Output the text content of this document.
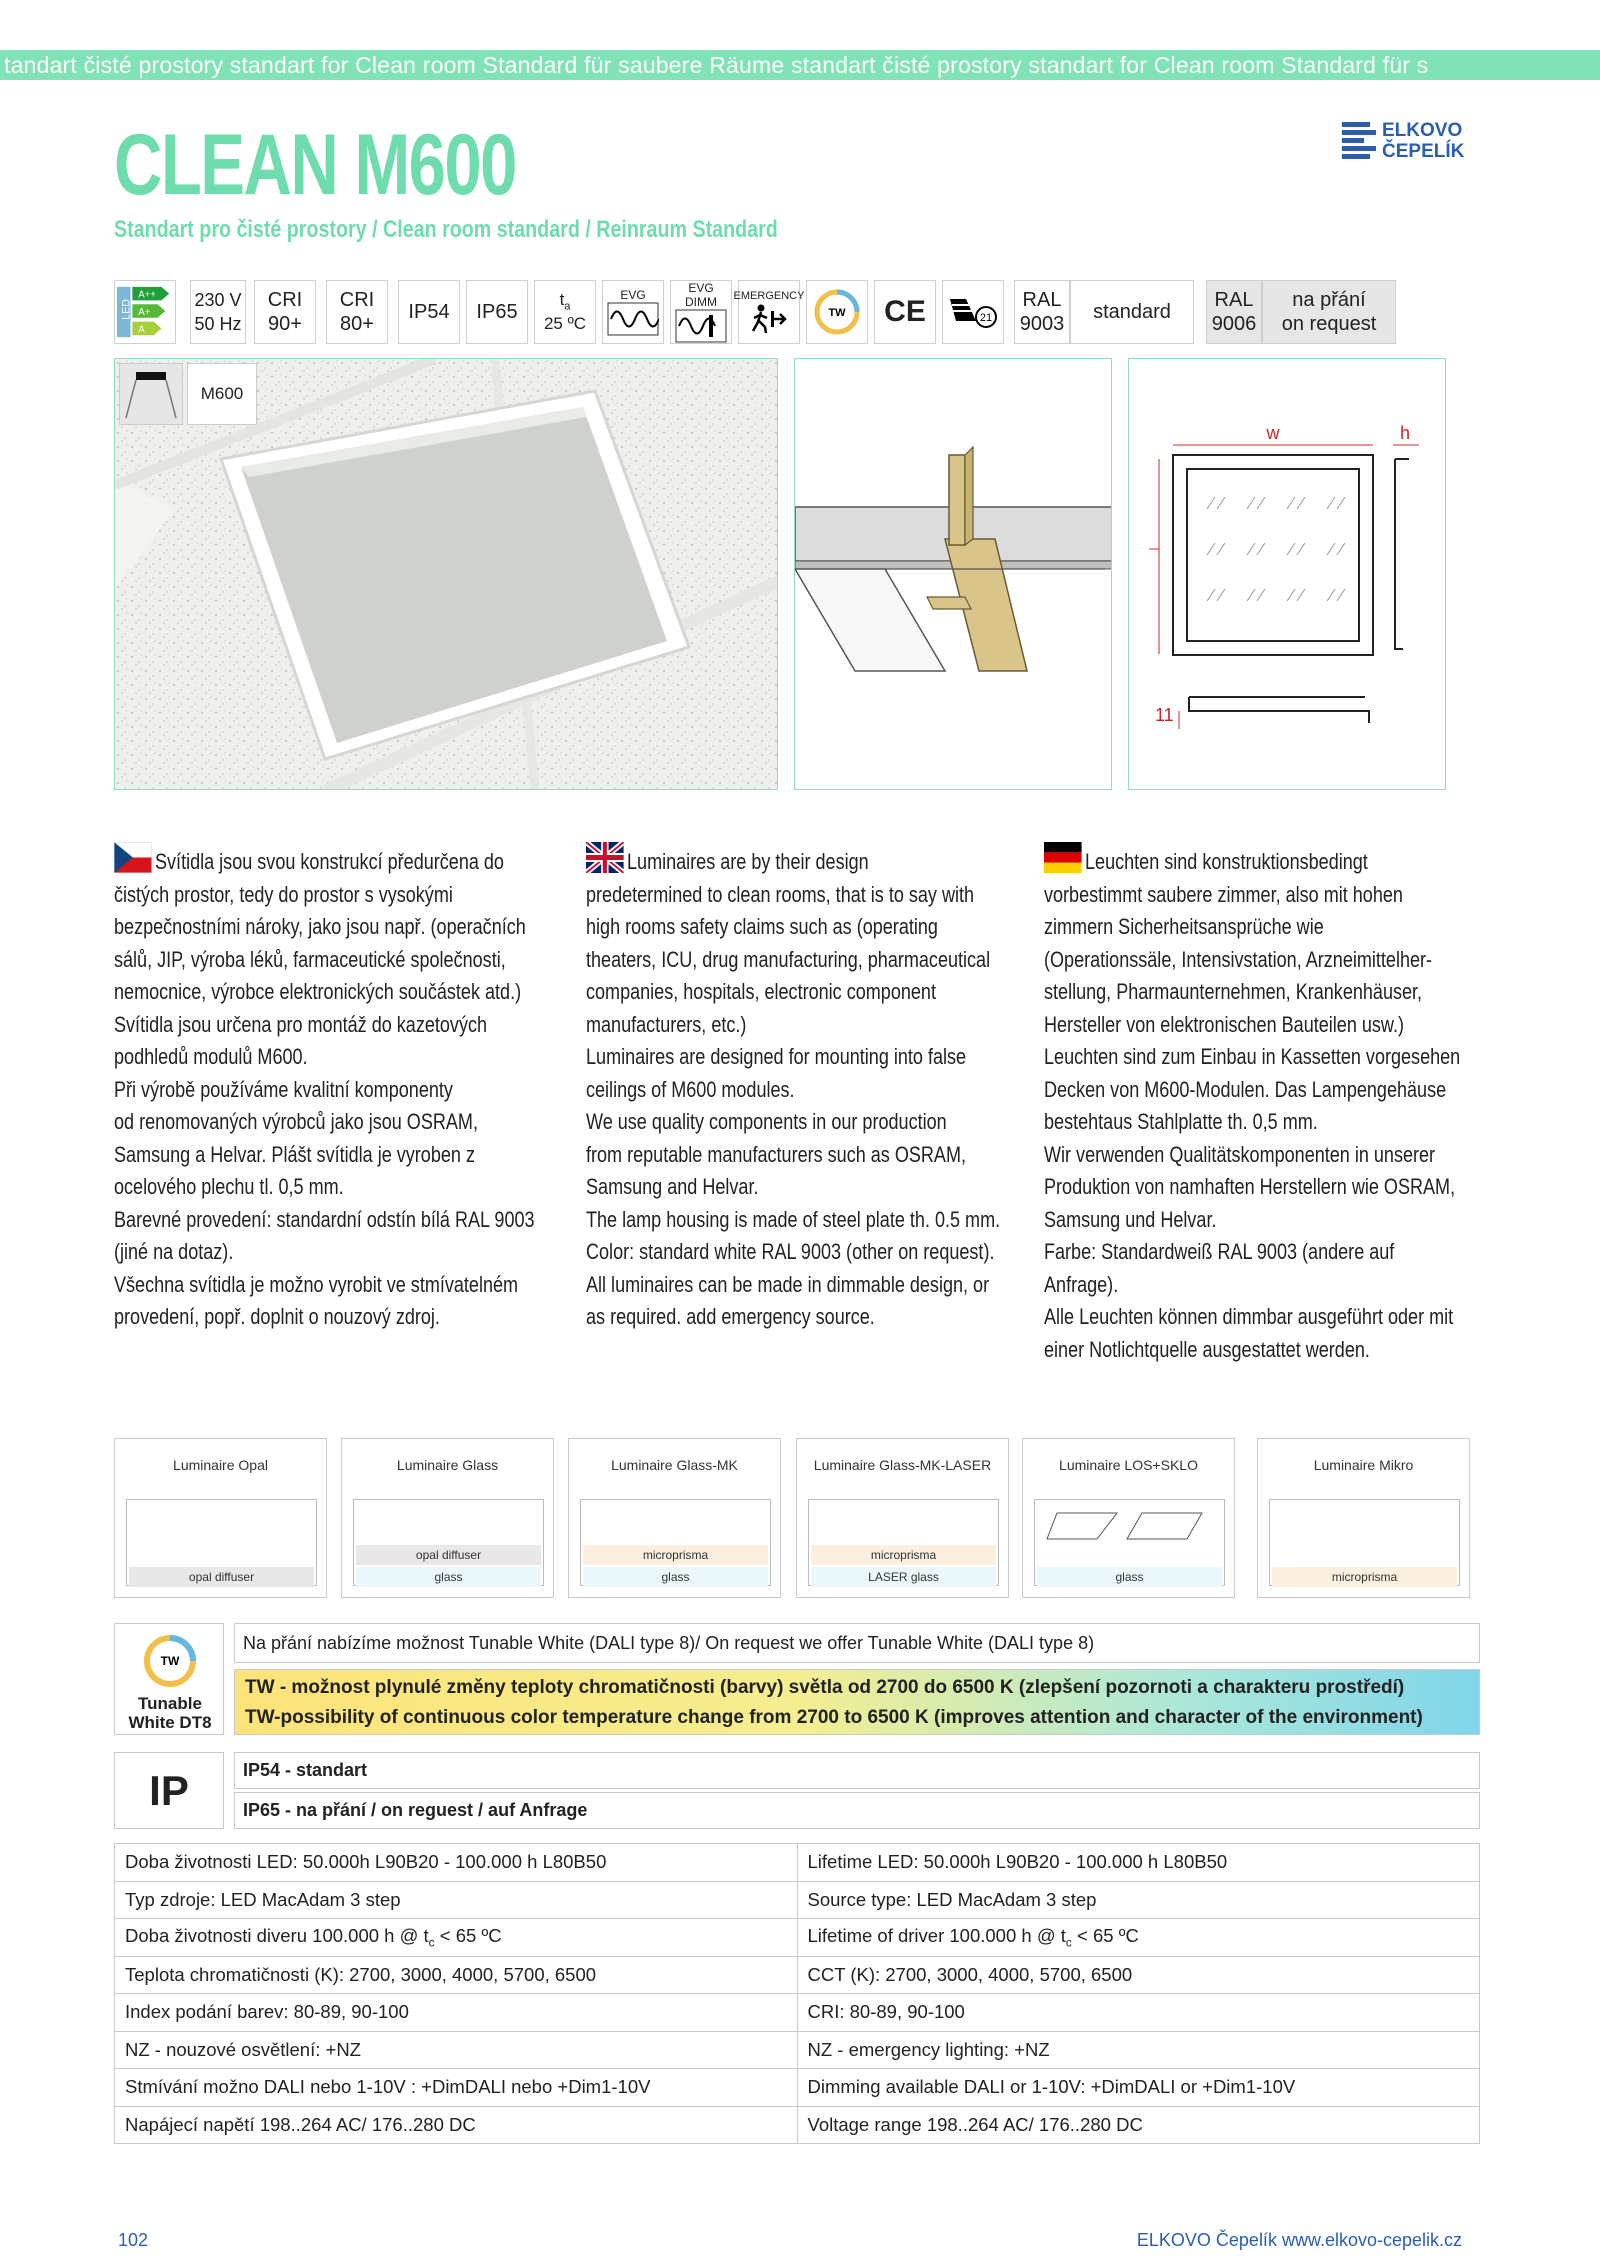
tandart čisté prostory standart for Clean room Standard für saubere Räume standart čisté prostory standart for Clean room Standard für s
CLEAN M600
Standart pro čisté prostory / Clean room standard / Reinraum Standard
ELKOVO
ČEPELÍK
LED
A++
A+
A
230 V
50 Hz
CRI
90+
CRI
80+
IP54	IP65
$t_a$
25 ºC
EVG	EVG DIMM	EMERGENCY
TW	CE	21
RAL
9003
standard
RAL
9006
na přání
on request
M600
w	h
11

Svítidla jsou svou konstrukcí předurčena do
čistých prostor, tedy do prostor s vysokými
bezpečnostními nároky, jako jsou např. (operačních
sálů, JIP, výroba léků, farmaceutické společnosti,
nemocnice, výrobce elektronických součástek atd.)
Svítidla jsou určena pro montáž do kazetových
podhledů modulů M600.
Při výrobě používáme kvalitní komponenty
od renomovaných výrobců jako jsou OSRAM,
Samsung a Helvar. Plášt svítidla je vyroben z
ocelového plechu tl. 0,5 mm.
Barevné provedení: standardní odstín bílá RAL 9003
(jiné na dotaz).
Všechna svítidla je možno vyrobit ve stmívatelném
provedení, popř. doplnit o nouzový zdroj.

Luminaires are by their design
predetermined to clean rooms, that is to say with
high rooms safety claims such as (operating
theaters, ICU, drug manufacturing, pharmaceutical
companies, hospitals, electronic component
manufacturers, etc.)
Luminaires are designed for mounting into false
ceilings of M600 modules.
We use quality components in our production
from reputable manufacturers such as OSRAM,
Samsung and Helvar.
The lamp housing is made of steel plate th. 0.5 mm.
Color: standard white RAL 9003 (other on request).
All luminaires can be made in dimmable design, or
as required. add emergency source.

Leuchten sind konstruktionsbedingt
vorbestimmt saubere zimmer, also mit hohen
zimmern Sicherheitsansprüche wie
(Operationssäle, Intensivstation, Arzneimittelher-
stellung, Pharmaunternehmen, Krankenhäuser,
Hersteller von elektronischen Bauteilen usw.)
Leuchten sind zum Einbau in Kassetten vorgesehen
Decken von M600-Modulen. Das Lampengehäuse
bestehtaus Stahlplatte th. 0,5 mm.
Wir verwenden Qualitätskomponenten in unserer
Produktion von namhaften Herstellern wie OSRAM,
Samsung und Helvar.
Farbe: Standardweiß RAL 9003 (andere auf
Anfrage).
Alle Leuchten können dimmbar ausgeführt oder mit
einer Notlichtquelle ausgestattet werden.

Luminaire Opal
opal diffuser
Luminaire Glass
opal diffuser
glass
Luminaire Glass-MK
microprisma
glass
Luminaire Glass-MK-LASER
microprisma
LASER glass
Luminaire LOS+SKLO
glass
Luminaire Mikro
microprisma
TW
Tunable
White DT8
Na přání nabízíme možnost Tunable White (DALI type 8)/ On request we offer Tunable White (DALI type 8)
TW - možnost plynulé změny teploty chromatičnosti (barvy) světla od 2700 do 6500 K (zlepšení pozornoti a charakteru prostředí)
TW-possibility of continuous color temperature change from 2700 to 6500 K (improves attention and character of the environment)
IP	IP54 - standart
IP65 - na přání / on reguest / auf Anfrage
Doba životnosti LED: 50.000h L90B20 - 100.000 h L80B50	Lifetime LED: 50.000h L90B20 - 100.000 h L80B50
Typ zdroje: LED MacAdam 3 step	Source type: LED MacAdam 3 step
Doba životnosti diveru 100.000 h @ $t_c < 65$ ºC	Lifetime of driver 100.000 h @ $t_c < 65$ ºC
Teplota chromatičnosti (K): 2700, 3000, 4000, 5700, 6500	CCT (K): 2700, 3000, 4000, 5700, 6500
Index podání barev: 80-89, 90-100	CRI: 80-89, 90-100
NZ - nouzové osvětlení: +NZ	NZ - emergency lighting: +NZ
Stmívání možno DALI nebo 1-10V : +DimDALI nebo +Dim1-10V	Dimming available DALI or 1-10V: +DimDALI or +Dim1-10V
Napájecí napětí 198..264 AC/ 176..280 DC	Voltage range 198..264 AC/ 176..280 DC
102	ELKOVO Čepelík www.elkovo-cepelik.cz
